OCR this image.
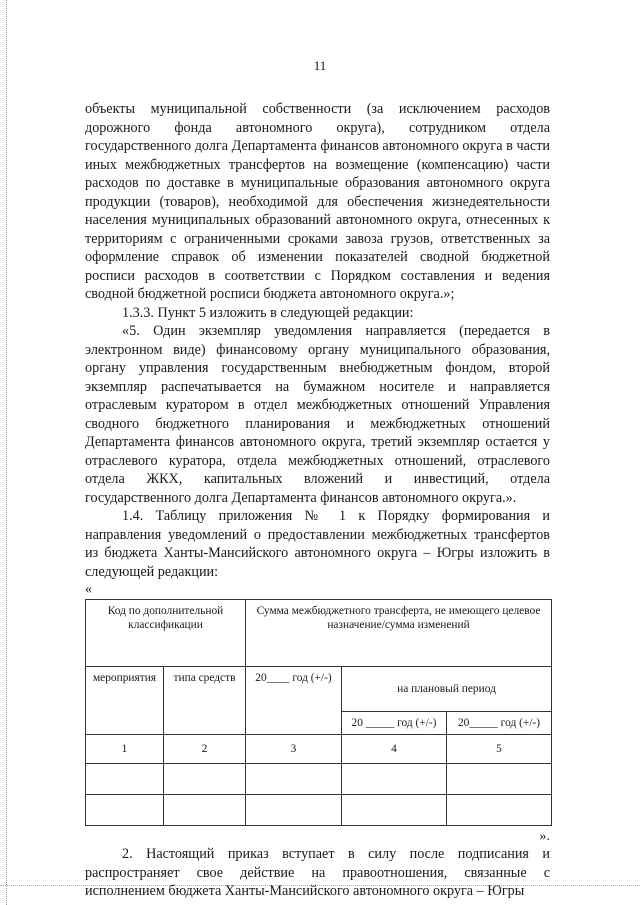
11

объекты муниципальной собственности (за исключением расходов дорожного фонда автономного округа), сотрудником отдела государственного долга Департамента финансов автономного округа в части иных межбюджетных трансфертов на возмещение (компенсацию) части расходов по доставке в муниципальные образования автономного округа продукции (товаров), необходимой для обеспечения жизнедеятельности населения муниципальных образований автономного округа, отнесенных к территориям с ограниченными сроками завоза грузов, ответственных за оформление справок об изменении показателей сводной бюджетной росписи расходов в соответствии с Порядком составления и ведения сводной бюджетной росписи бюджета автономного округа.»;

1.3.3. Пункт 5 изложить в следующей редакции:

«5. Один экземпляр уведомления направляется (передается в электронном виде) финансовому органу муниципального образования, органу управления государственным внебюджетным фондом, второй экземпляр распечатывается на бумажном носителе и направляется отраслевым куратором в отдел межбюджетных отношений Управления сводного бюджетного планирования и межбюджетных отношений Департамента финансов автономного округа, третий экземпляр остается у отраслевого куратора, отдела межбюджетных отношений, отраслевого отдела ЖКХ, капитальных вложений и инвестиций, отдела государственного долга Департамента финансов автономного округа.».

1.4. Таблицу приложения № 1 к Порядку формирования и направления уведомлений о предоставлении межбюджетных трансфертов из бюджета Ханты-Мансийского автономного округа – Югры изложить в следующей редакции:

«

Код по дополнительной классификации		Сумма межбюджетного трансферта, не имеющего целевое назначение/сумма изменений		
мероприятия	типа средств	20____ год (+/-)	на плановый период	
			20 _____ год (+/-)	20_____ год (+/-)
1	2	3	4	5

».

2. Настоящий приказ вступает в силу после подписания и распространяет свое действие на правоотношения, связанные с исполнением бюджета Ханты-Мансийского автономного округа – Югры
